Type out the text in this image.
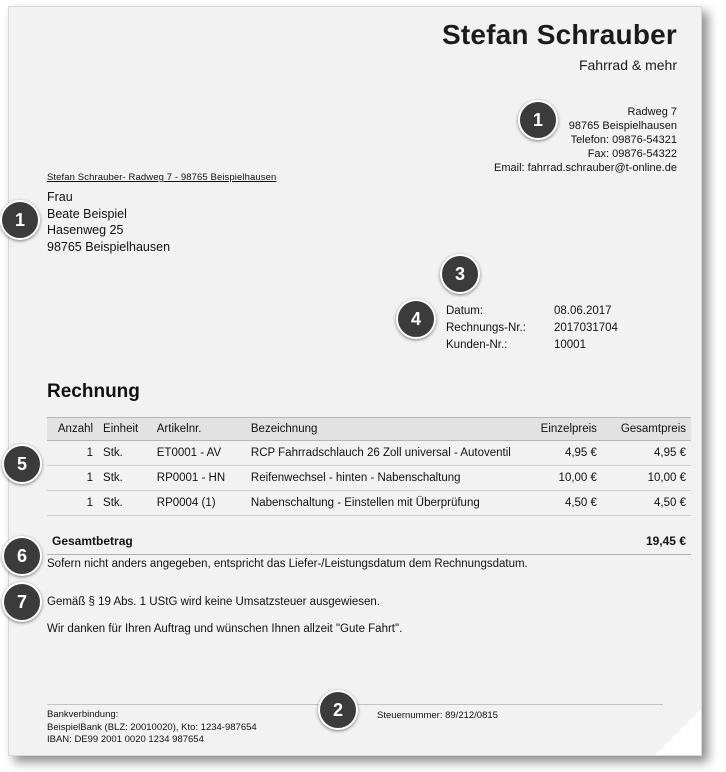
Stefan Schrauber
Fahrrad & mehr
Radweg 7
98765 Beispielhausen
Telefon: 09876-54321
Fax: 09876-54322
Email: fahrrad.schrauber@t-online.de
Stefan Schrauber- Radweg 7 - 98765 Beispielhausen
Frau
Beate Beispiel
Hasenweg 25
98765 Beispielhausen
Datum:	08.06.2017
Rechnungs-Nr.:	2017031704
Kunden-Nr.:	10001
Rechnung
Anzahl	Einheit	Artikelnr.	Bezeichnung	Einzelpreis	Gesamtpreis
1	Stk.	ET0001 - AV	RCP Fahrradschlauch 26 Zoll universal - Autoventil	4,95 €	4,95 €
1	Stk.	RP0001 - HN	Reifenwechsel - hinten - Nabenschaltung	10,00 €	10,00 €
1	Stk.	RP0004 (1)	Nabenschaltung - Einstellen mit Überprüfung	4,50 €	4,50 €
Gesamtbetrag	19,45 €
Sofern nicht anders angegeben, entspricht das Liefer-/Leistungsdatum dem Rechnungsdatum.
Gemäß § 19 Abs. 1 UStG wird keine Umsatzsteuer ausgewiesen.
Wir danken für Ihren Auftrag und wünschen Ihnen allzeit "Gute Fahrt".
Bankverbindung:
BeispielBank (BLZ: 20010020), Kto: 1234-987654
IBAN: DE99 2001 0020 1234 987654
Steuernummer: 89/212/0815
1
1
3
4
5
6
7
2
